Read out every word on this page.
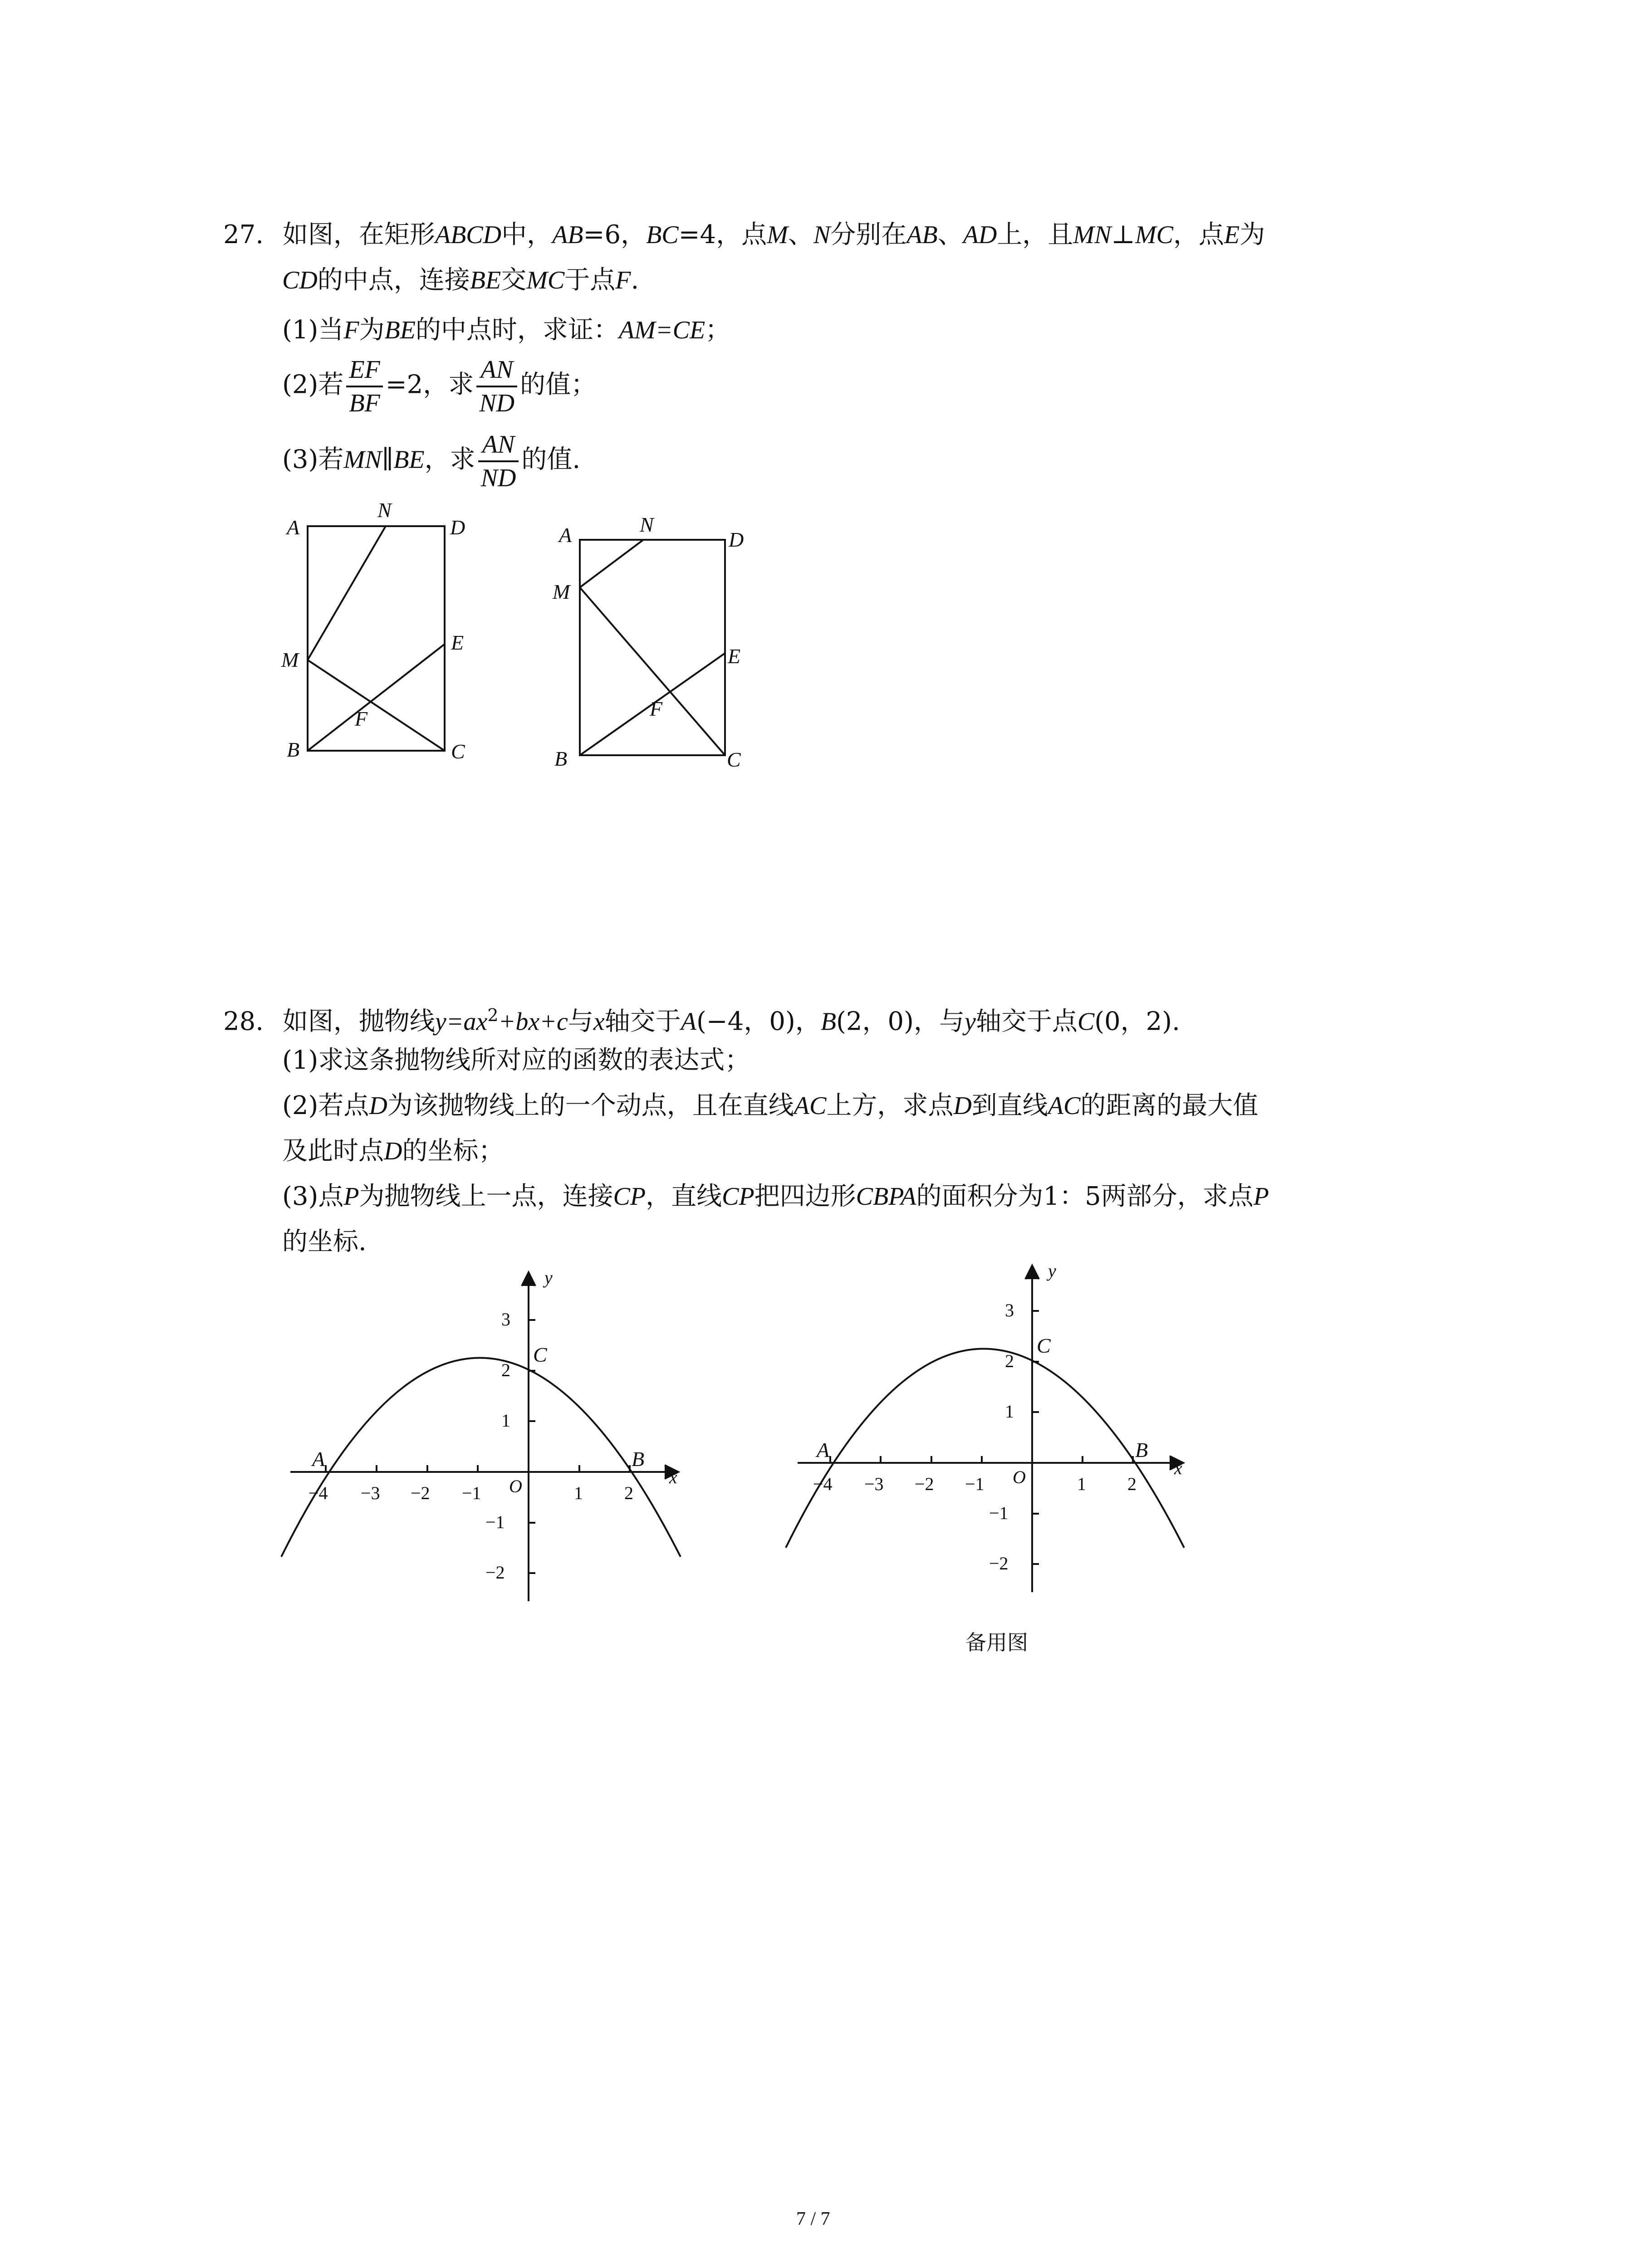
27. 如图，在矩形ABCD中，AB=6，BC=4，点M、N分别在AB、AD上，且MN⊥MC，点E为
CD的中点，连接BE交MC于点F.
(1)当F为BE的中点时，求证：AM=CE；
(2)若 $\frac{EF}{BF} =2$，求 $\frac{AN}{ND}$ 的值；
(3)若MN∥BE，求 $\frac{AN}{ND}$ 的值.
A
N
D
M
E
F
B	C
A	N
D
M
E
F
B	C
28. 如图，抛物线$y=ax^2+bx+c$与x轴交于A(−4，0)，B(2，0)，与y轴交于点C(0，2).
(1)求这条抛物线所对应的函数的表达式；
(2)若点D为该抛物线上的一个动点，且在直线AC上方，求点D到直线AC的距离的最大值
及此时点D的坐标；
(3)点P为抛物线上一点，连接CP，直线CP把四边形CBPA的面积分为1：5两部分，求点P
的坐标.
−4 −3 −2 −1	1 2
3
2
1
−1
−2
O	x
y
A	B
C
−4 −3 −2 −1	1 2
3
2
1
−1
−2
O	x
y
A	B
C
备用图
7 / 7
